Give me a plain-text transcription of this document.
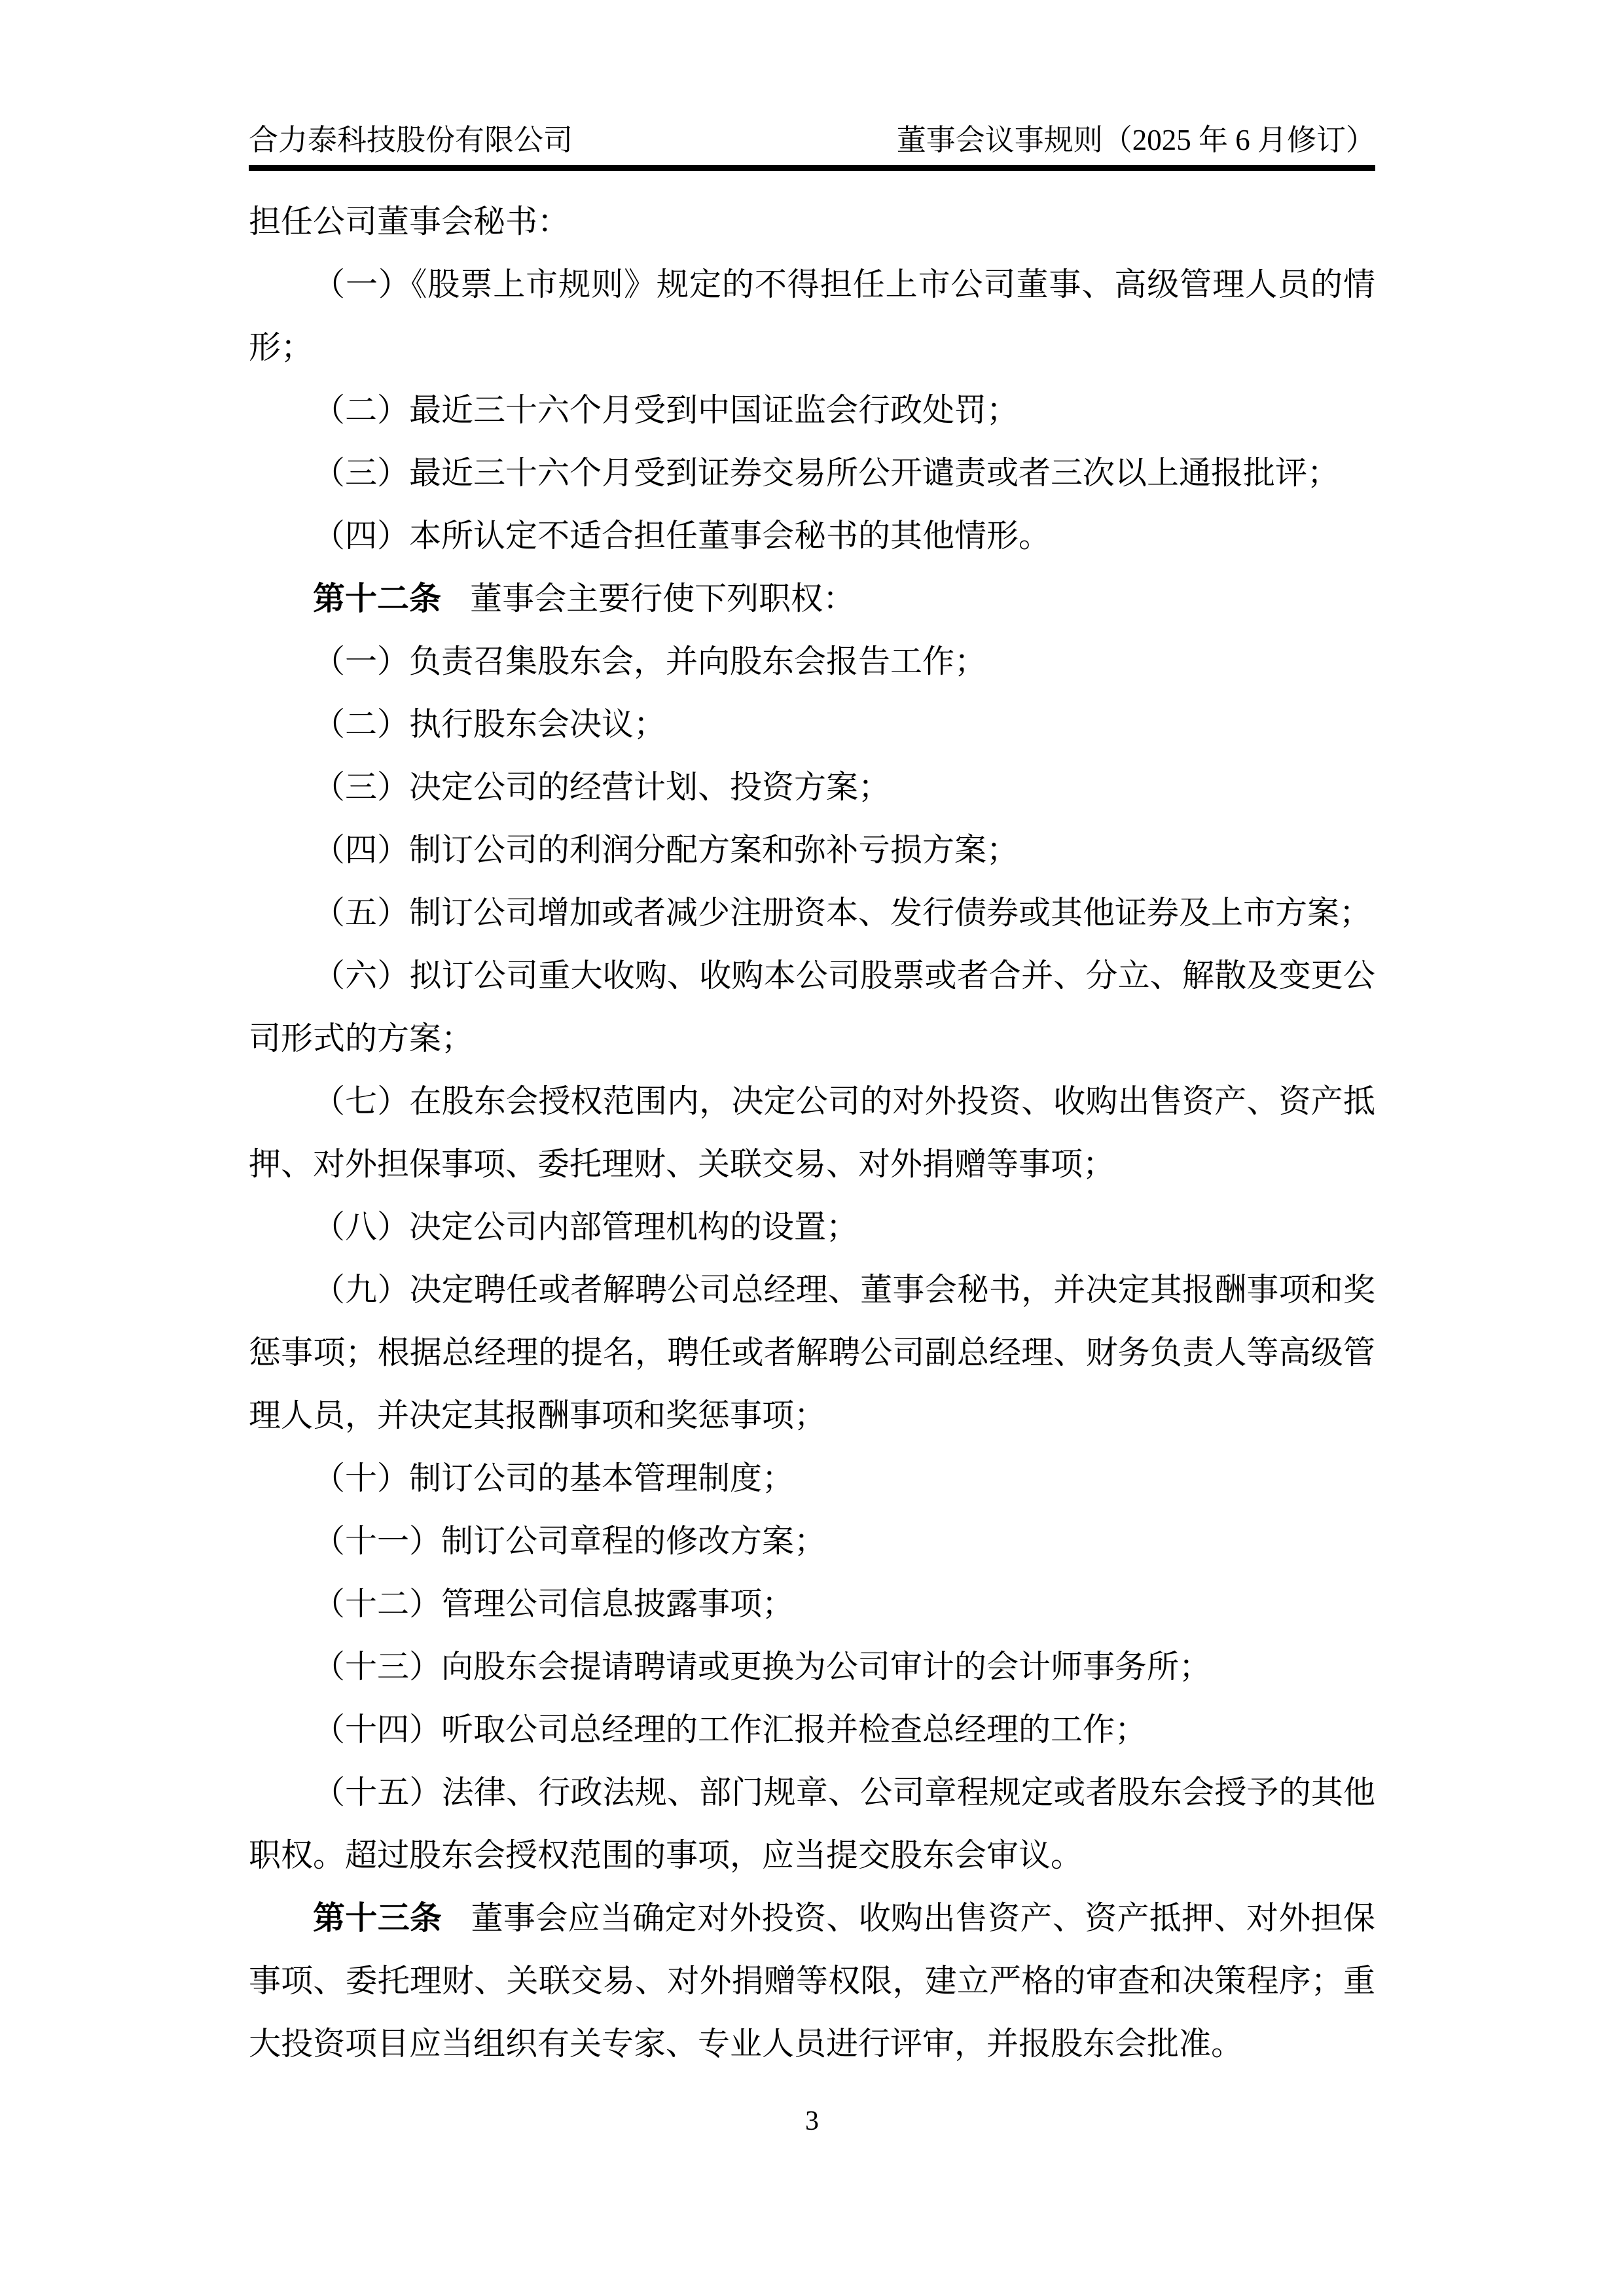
合力泰科技股份有限公司	董事会议事规则（2025 年 6 月修订）

担任公司董事会秘书：

（一）《股票上市规则》规定的不得担任上市公司董事、高级管理人员的情形；

（二）最近三十六个月受到中国证监会行政处罚；

（三）最近三十六个月受到证券交易所公开谴责或者三次以上通报批评；

（四）本所认定不适合担任董事会秘书的其他情形。

第十二条 董事会主要行使下列职权：

（一）负责召集股东会，并向股东会报告工作；

（二）执行股东会决议；

（三）决定公司的经营计划、投资方案；

（四）制订公司的利润分配方案和弥补亏损方案；

（五）制订公司增加或者减少注册资本、发行债券或其他证券及上市方案；

（六）拟订公司重大收购、收购本公司股票或者合并、分立、解散及变更公司形式的方案；

（七）在股东会授权范围内，决定公司的对外投资、收购出售资产、资产抵押、对外担保事项、委托理财、关联交易、对外捐赠等事项；

（八）决定公司内部管理机构的设置；

（九）决定聘任或者解聘公司总经理、董事会秘书，并决定其报酬事项和奖惩事项；根据总经理的提名，聘任或者解聘公司副总经理、财务负责人等高级管理人员，并决定其报酬事项和奖惩事项；

（十）制订公司的基本管理制度；

（十一）制订公司章程的修改方案；

（十二）管理公司信息披露事项；

（十三）向股东会提请聘请或更换为公司审计的会计师事务所；

（十四）听取公司总经理的工作汇报并检查总经理的工作；

（十五）法律、行政法规、部门规章、公司章程规定或者股东会授予的其他职权。超过股东会授权范围的事项，应当提交股东会审议。

第十三条 董事会应当确定对外投资、收购出售资产、资产抵押、对外担保事项、委托理财、关联交易、对外捐赠等权限，建立严格的审查和决策程序；重大投资项目应当组织有关专家、专业人员进行评审，并报股东会批准。

3
